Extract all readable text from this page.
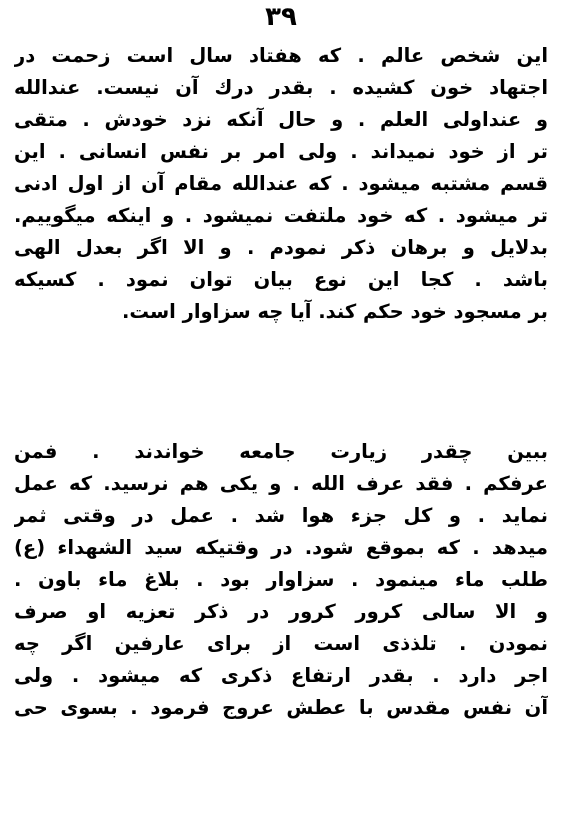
۳۹
این شخص عالم . که هفتاد سال است زحمت در
اجتهاد خون کشیده . بقدر درك آن نیست. عندالله
و عنداولی العلم . و حال آنکه نزد خودش . متقی
تر از خود نمیداند . ولی امر بر نفس انسانی . این
قسم مشتبه میشود . که عندالله مقام آن از اول ادنی
تر میشود . که خود ملتفت نمیشود . و اینکه میگوییم.
بدلایل و برهان ذکر نمودم . و الا اگر بعدل الهی
باشد . کجا این نوع بیان توان نمود . کسیکه
بر مسجود خود حکم کند. آیا چه سزاوار است.
ببین چقدر زیارت جامعه خواندند . فمن
عرفکم . فقد عرف الله . و یکی هم نرسید. که عمل
نماید . و کل جزء هوا شد . عمل در وقتی ثمر
میدهد . که بموقع شود. در وقتیکه سید الشهداء (ع)
طلب ماء مینمود . سزاوار بود . بلاغ ماء باون .
و الا سالی کرور کرور در ذکر تعزیه او صرف
نمودن . تلذذی است از برای عارفین اگر چه
اجر دارد . بقدر ارتفاع ذکری که میشود . ولی
آن نفس مقدس با عطش عروج فرمود . بسوی حی
